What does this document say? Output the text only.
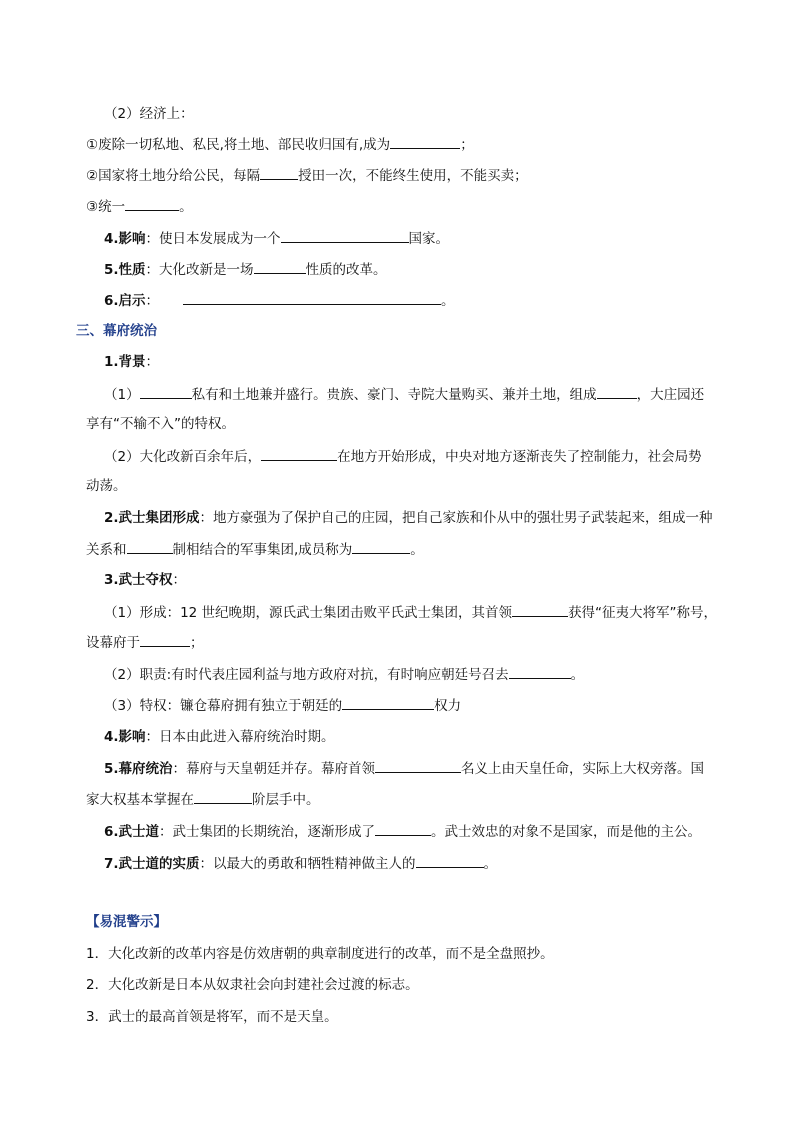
（2）经济上：
①废除一切私地、私民,将土地、部民收归国有,成为	；
②国家将土地分给公民，每隔	授田一次，不能终生使用，不能买卖；
③统一	。
4.影响：使日本发展成为一个	国家。
5.性质：大化改新是一场	性质的改革。
6.启示：	。
三、幕府统治
1.背景：
（1）	私有和土地兼并盛行。贵族、豪门、寺院大量购买、兼并土地，组成	，大庄园还
享有“不输不入”的特权。
（2）大化改新百余年后，	在地方开始形成，中央对地方逐渐丧失了控制能力，社会局势
动荡。
2.武士集团形成：地方豪强为了保护自己的庄园，把自己家族和仆从中的强壮男子武装起来，组成一种
关系和	制相结合的军事集团,成员称为	。
3.武士夺权：
（1）形成：12 世纪晚期，源氏武士集团击败平氏武士集团，其首领	获得“征夷大将军”称号，
设幕府于	；
（2）职责:有时代表庄园利益与地方政府对抗，有时响应朝廷号召去	。
（3）特权：镰仓幕府拥有独立于朝廷的	权力
4.影响：日本由此进入幕府统治时期。
5.幕府统治：幕府与天皇朝廷并存。幕府首领	名义上由天皇任命，实际上大权旁落。国
家大权基本掌握在	阶层手中。
6.武士道：武士集团的长期统治，逐渐形成了	。武士效忠的对象不是国家，而是他的主公。
7.武士道的实质：以最大的勇敢和牺牲精神做主人的	。
【易混警示】
1．大化改新的改革内容是仿效唐朝的典章制度进行的改革，而不是全盘照抄。
2．大化改新是日本从奴隶社会向封建社会过渡的标志。
3．武士的最高首领是将军，而不是天皇。
